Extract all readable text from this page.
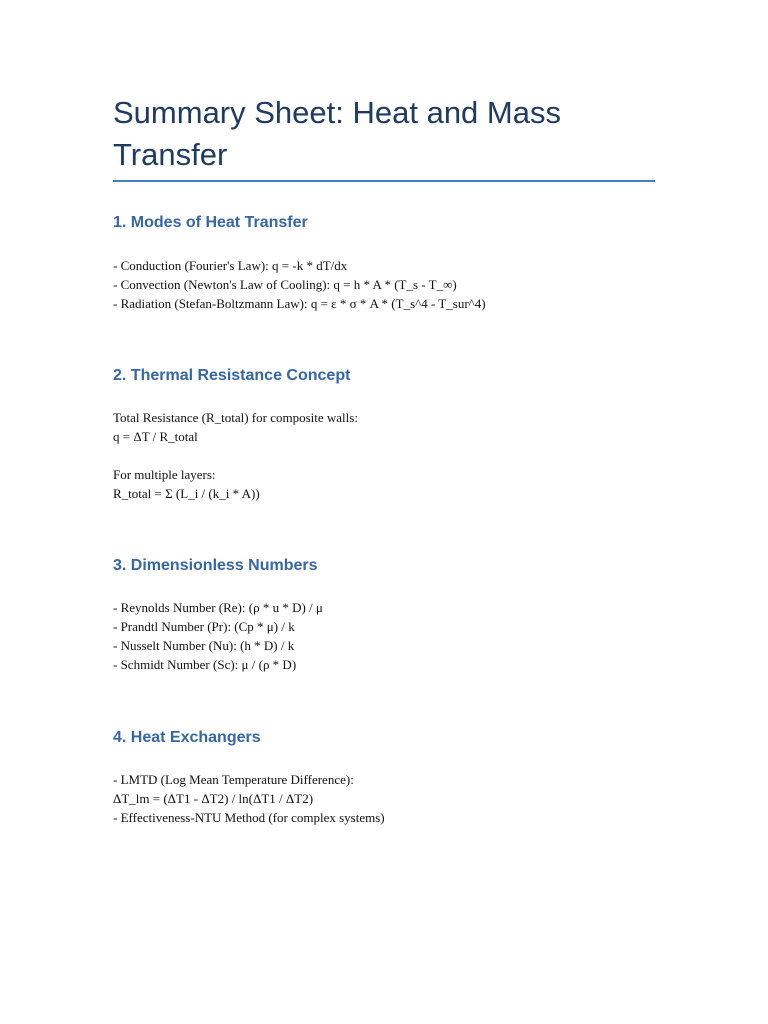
Summary Sheet: Heat and Mass Transfer
1. Modes of Heat Transfer
- Conduction (Fourier's Law): q = -k * dT/dx
- Convection (Newton's Law of Cooling): q = h * A * (T_s - T_∞)
- Radiation (Stefan-Boltzmann Law): q = ε * σ * A * (T_s^4 - T_sur^4)
2. Thermal Resistance Concept
Total Resistance (R_total) for composite walls:
q = ΔT / R_total
For multiple layers:
R_total = Σ (L_i / (k_i * A))
3. Dimensionless Numbers
- Reynolds Number (Re): (ρ * u * D) / μ
- Prandtl Number (Pr): (Cp * μ) / k
- Nusselt Number (Nu): (h * D) / k
- Schmidt Number (Sc): μ / (ρ * D)
4. Heat Exchangers
- LMTD (Log Mean Temperature Difference):
ΔT_lm = (ΔT1 - ΔT2) / ln(ΔT1 / ΔT2)
- Effectiveness-NTU Method (for complex systems)
